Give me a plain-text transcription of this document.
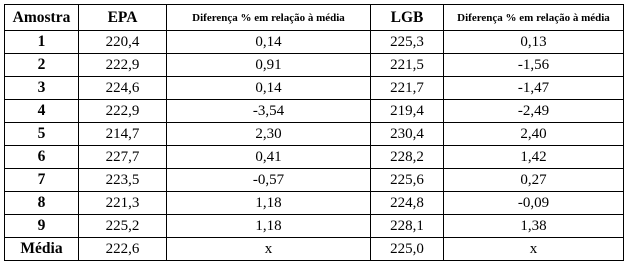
Amostra	EPA	Diferença % em relação à média	LGB	Diferença % em relação à média
1	220,4	0,14	225,3	0,13
2	222,9	0,91	221,5	-1,56
3	224,6	0,14	221,7	-1,47
4	222,9	-3,54	219,4	-2,49
5	214,7	2,30	230,4	2,40
6	227,7	0,41	228,2	1,42
7	223,5	-0,57	225,6	0,27
8	221,3	1,18	224,8	-0,09
9	225,2	1,18	228,1	1,38
Média	222,6	x	225,0	x
